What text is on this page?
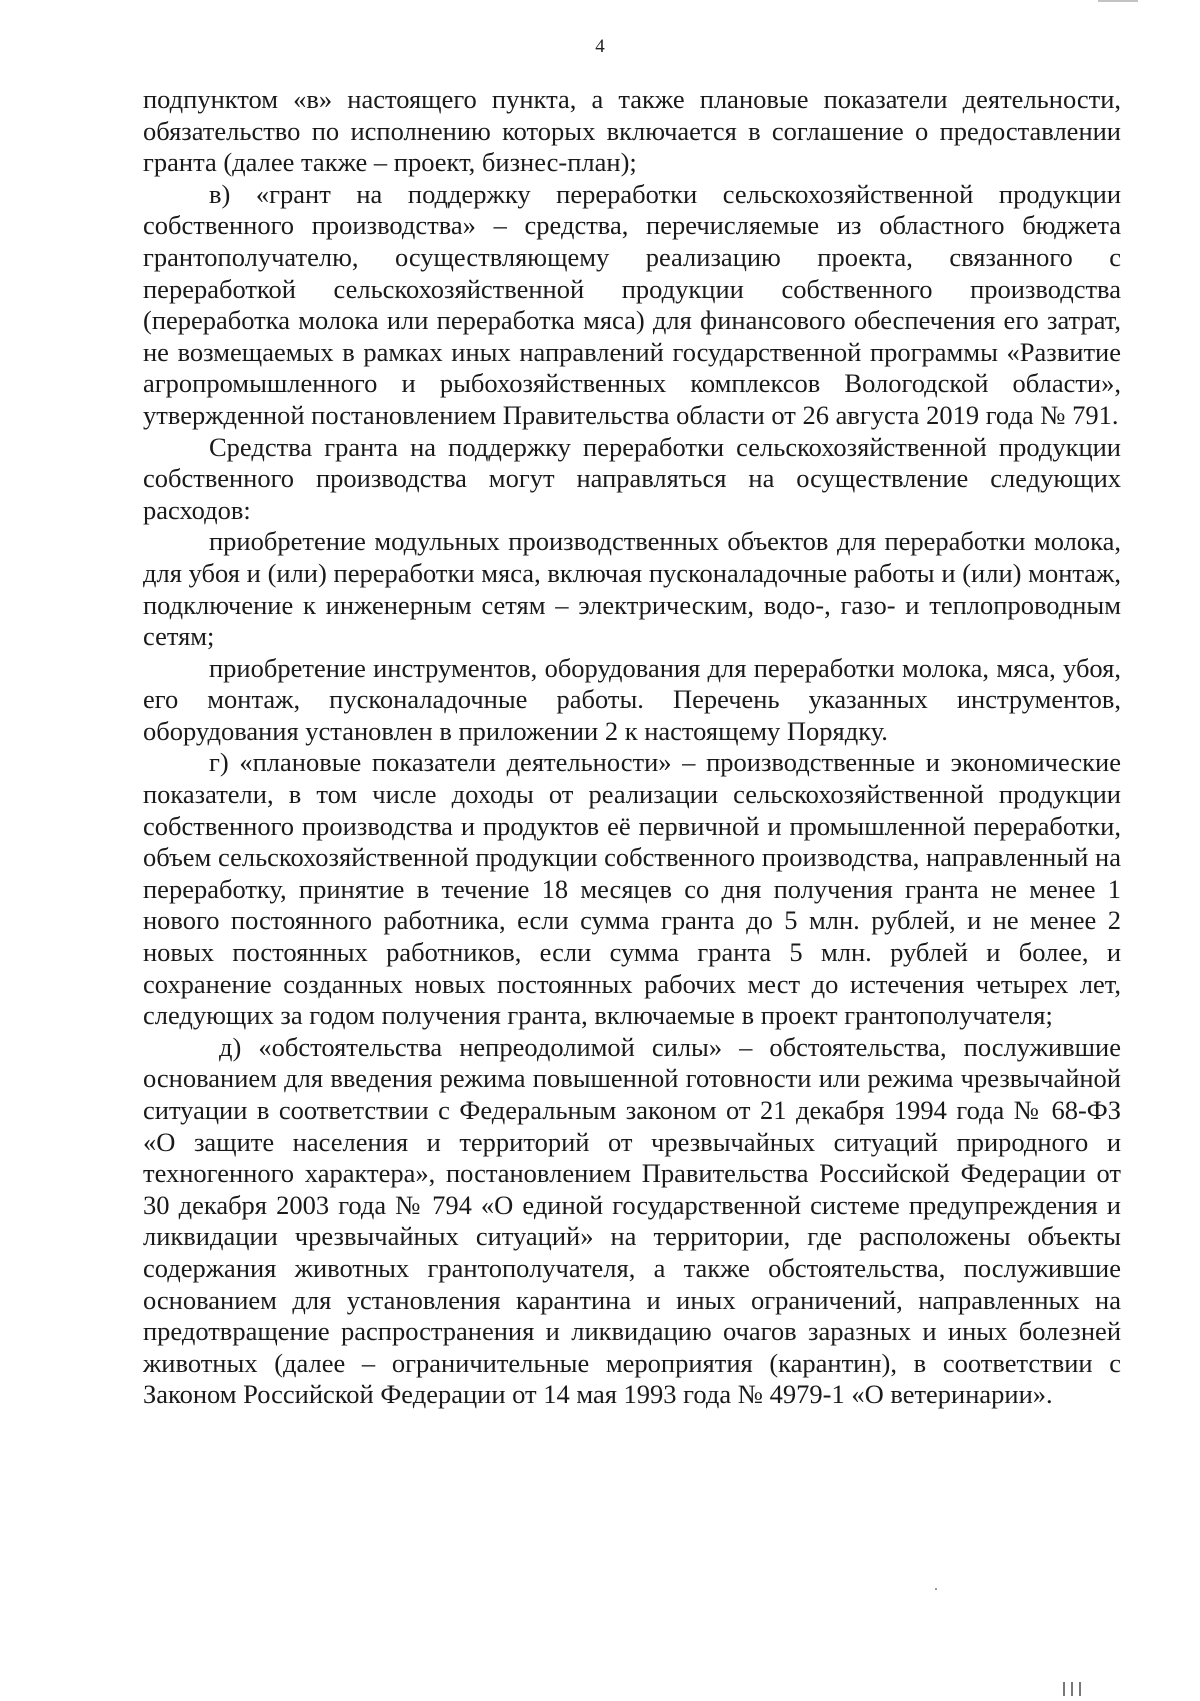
4

подпунктом «в» настоящего пункта, а также плановые показатели деятельности, обязательство по исполнению которых включается в соглашение о предоставлении гранта (далее также – проект, бизнес-план);

в) «грант на поддержку переработки сельскохозяйственной продукции собственного производства» – средства, перечисляемые из областного бюджета грантополучателю, осуществляющему реализацию проекта, связанного с переработкой сельскохозяйственной продукции собственного производства (переработка молока или переработка мяса) для финансового обеспечения его затрат, не возмещаемых в рамках иных направлений государственной программы «Развитие агропромышленного и рыбохозяйственных комплексов Вологодской области», утвержденной постановлением Правительства области от 26 августа 2019 года № 791.

Средства гранта на поддержку переработки сельскохозяйственной продукции собственного производства могут направляться на осуществление следующих расходов:

приобретение модульных производственных объектов для переработки молока, для убоя и (или) переработки мяса, включая пусконаладочные работы и (или) монтаж, подключение к инженерным сетям – электрическим, водо-, газо- и теплопроводным сетям;

приобретение инструментов, оборудования для переработки молока, мяса, убоя, его монтаж, пусконаладочные работы. Перечень указанных инструментов, оборудования установлен в приложении 2 к настоящему Порядку.

г) «плановые показатели деятельности» – производственные и экономические показатели, в том числе доходы от реализации сельскохозяйственной продукции собственного производства и продуктов её первичной и промышленной переработки, объем сельскохозяйственной продукции собственного производства, направленный на переработку, принятие в течение 18 месяцев со дня получения гранта не менее 1 нового постоянного работника, если сумма гранта до 5 млн. рублей, и не менее 2 новых постоянных работников, если сумма гранта 5 млн. рублей и более, и сохранение созданных новых постоянных рабочих мест до истечения четырех лет, следующих за годом получения гранта, включаемые в проект грантополучателя;

д) «обстоятельства непреодолимой силы» – обстоятельства, послужившие основанием для введения режима повышенной готовности или режима чрезвычайной ситуации в соответствии с Федеральным законом от 21 декабря 1994 года № 68-ФЗ «О защите населения и территорий от чрезвычайных ситуаций природного и техногенного характера», постановлением Правительства Российской Федерации от 30 декабря 2003 года № 794 «О единой государственной системе предупреждения и ликвидации чрезвычайных ситуаций» на территории, где расположены объекты содержания животных грантополучателя, а также обстоятельства, послужившие основанием для установления карантина и иных ограничений, направленных на предотвращение распространения и ликвидацию очагов заразных и иных болезней животных (далее – ограничительные мероприятия (карантин), в соответствии с Законом Российской Федерации от 14 мая 1993 года № 4979-1 «О ветеринарии».
